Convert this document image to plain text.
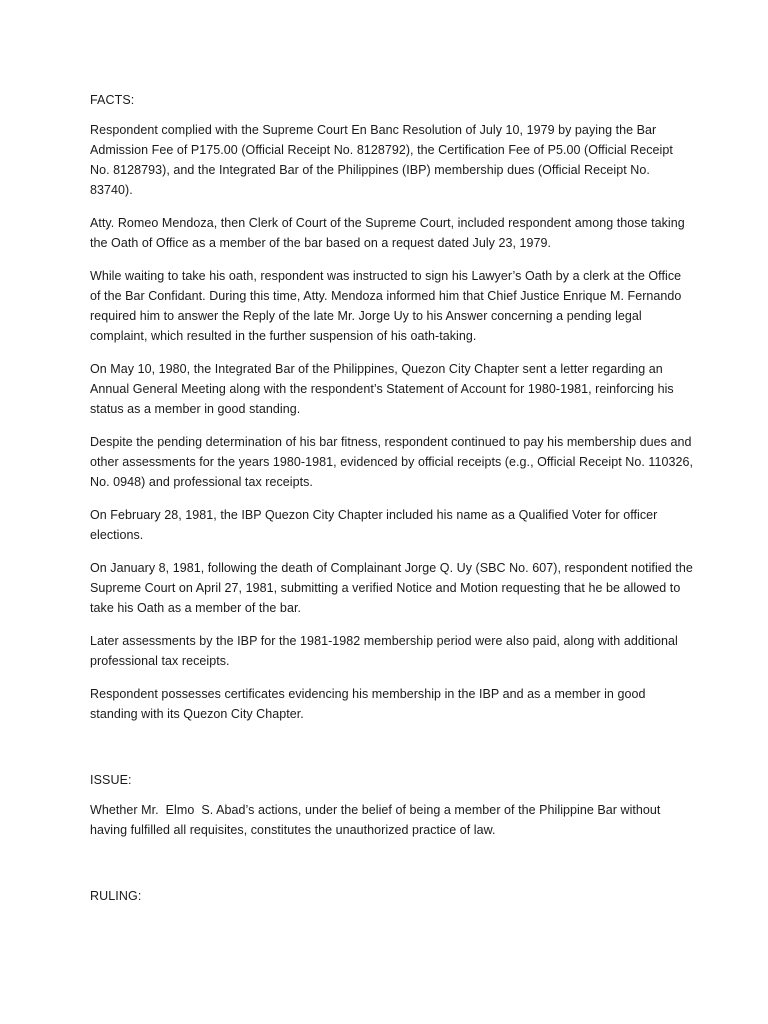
FACTS:

Respondent complied with the Supreme Court En Banc Resolution of July 10, 1979 by paying the Bar Admission Fee of P175.00 (Official Receipt No. 8128792), the Certification Fee of P5.00 (Official Receipt No. 8128793), and the Integrated Bar of the Philippines (IBP) membership dues (Official Receipt No. 83740).

Atty. Romeo Mendoza, then Clerk of Court of the Supreme Court, included respondent among those taking the Oath of Office as a member of the bar based on a request dated July 23, 1979.

While waiting to take his oath, respondent was instructed to sign his Lawyer’s Oath by a clerk at the Office of the Bar Confidant. During this time, Atty. Mendoza informed him that Chief Justice Enrique M. Fernando required him to answer the Reply of the late Mr. Jorge Uy to his Answer concerning a pending legal complaint, which resulted in the further suspension of his oath-taking.

On May 10, 1980, the Integrated Bar of the Philippines, Quezon City Chapter sent a letter regarding an Annual General Meeting along with the respondent’s Statement of Account for 1980-1981, reinforcing his status as a member in good standing.

Despite the pending determination of his bar fitness, respondent continued to pay his membership dues and other assessments for the years 1980-1981, evidenced by official receipts (e.g., Official Receipt No. 110326, No. 0948) and professional tax receipts.

On February 28, 1981, the IBP Quezon City Chapter included his name as a Qualified Voter for officer elections.

On January 8, 1981, following the death of Complainant Jorge Q. Uy (SBC No. 607), respondent notified the Supreme Court on April 27, 1981, submitting a verified Notice and Motion requesting that he be allowed to take his Oath as a member of the bar.

Later assessments by the IBP for the 1981-1982 membership period were also paid, along with additional professional tax receipts.

Respondent possesses certificates evidencing his membership in the IBP and as a member in good standing with its Quezon City Chapter.

ISSUE:

Whether Mr.  Elmo  S. Abad’s actions, under the belief of being a member of the Philippine Bar without having fulfilled all requisites, constitutes the unauthorized practice of law.

RULING:
